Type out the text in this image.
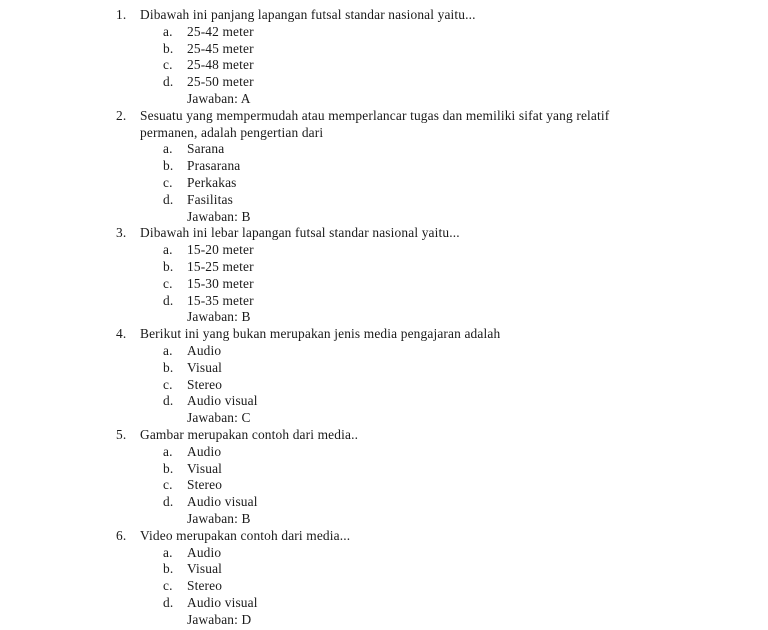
1. Dibawah ini panjang lapangan futsal standar nasional yaitu...
a. 25-42 meter
b. 25-45 meter
c. 25-48 meter
d. 25-50 meter
Jawaban: A
2. Sesuatu yang mempermudah atau memperlancar tugas dan memiliki sifat yang relatif
permanen, adalah pengertian dari
a. Sarana
b. Prasarana
c. Perkakas
d. Fasilitas
Jawaban: B
3. Dibawah ini lebar lapangan futsal standar nasional yaitu...
a. 15-20 meter
b. 15-25 meter
c. 15-30 meter
d. 15-35 meter
Jawaban: B
4. Berikut ini yang bukan merupakan jenis media pengajaran adalah
a. Audio
b. Visual
c. Stereo
d. Audio visual
Jawaban: C
5. Gambar merupakan contoh dari media..
a. Audio
b. Visual
c. Stereo
d. Audio visual
Jawaban: B
6. Video merupakan contoh dari media...
a. Audio
b. Visual
c. Stereo
d. Audio visual
Jawaban: D
